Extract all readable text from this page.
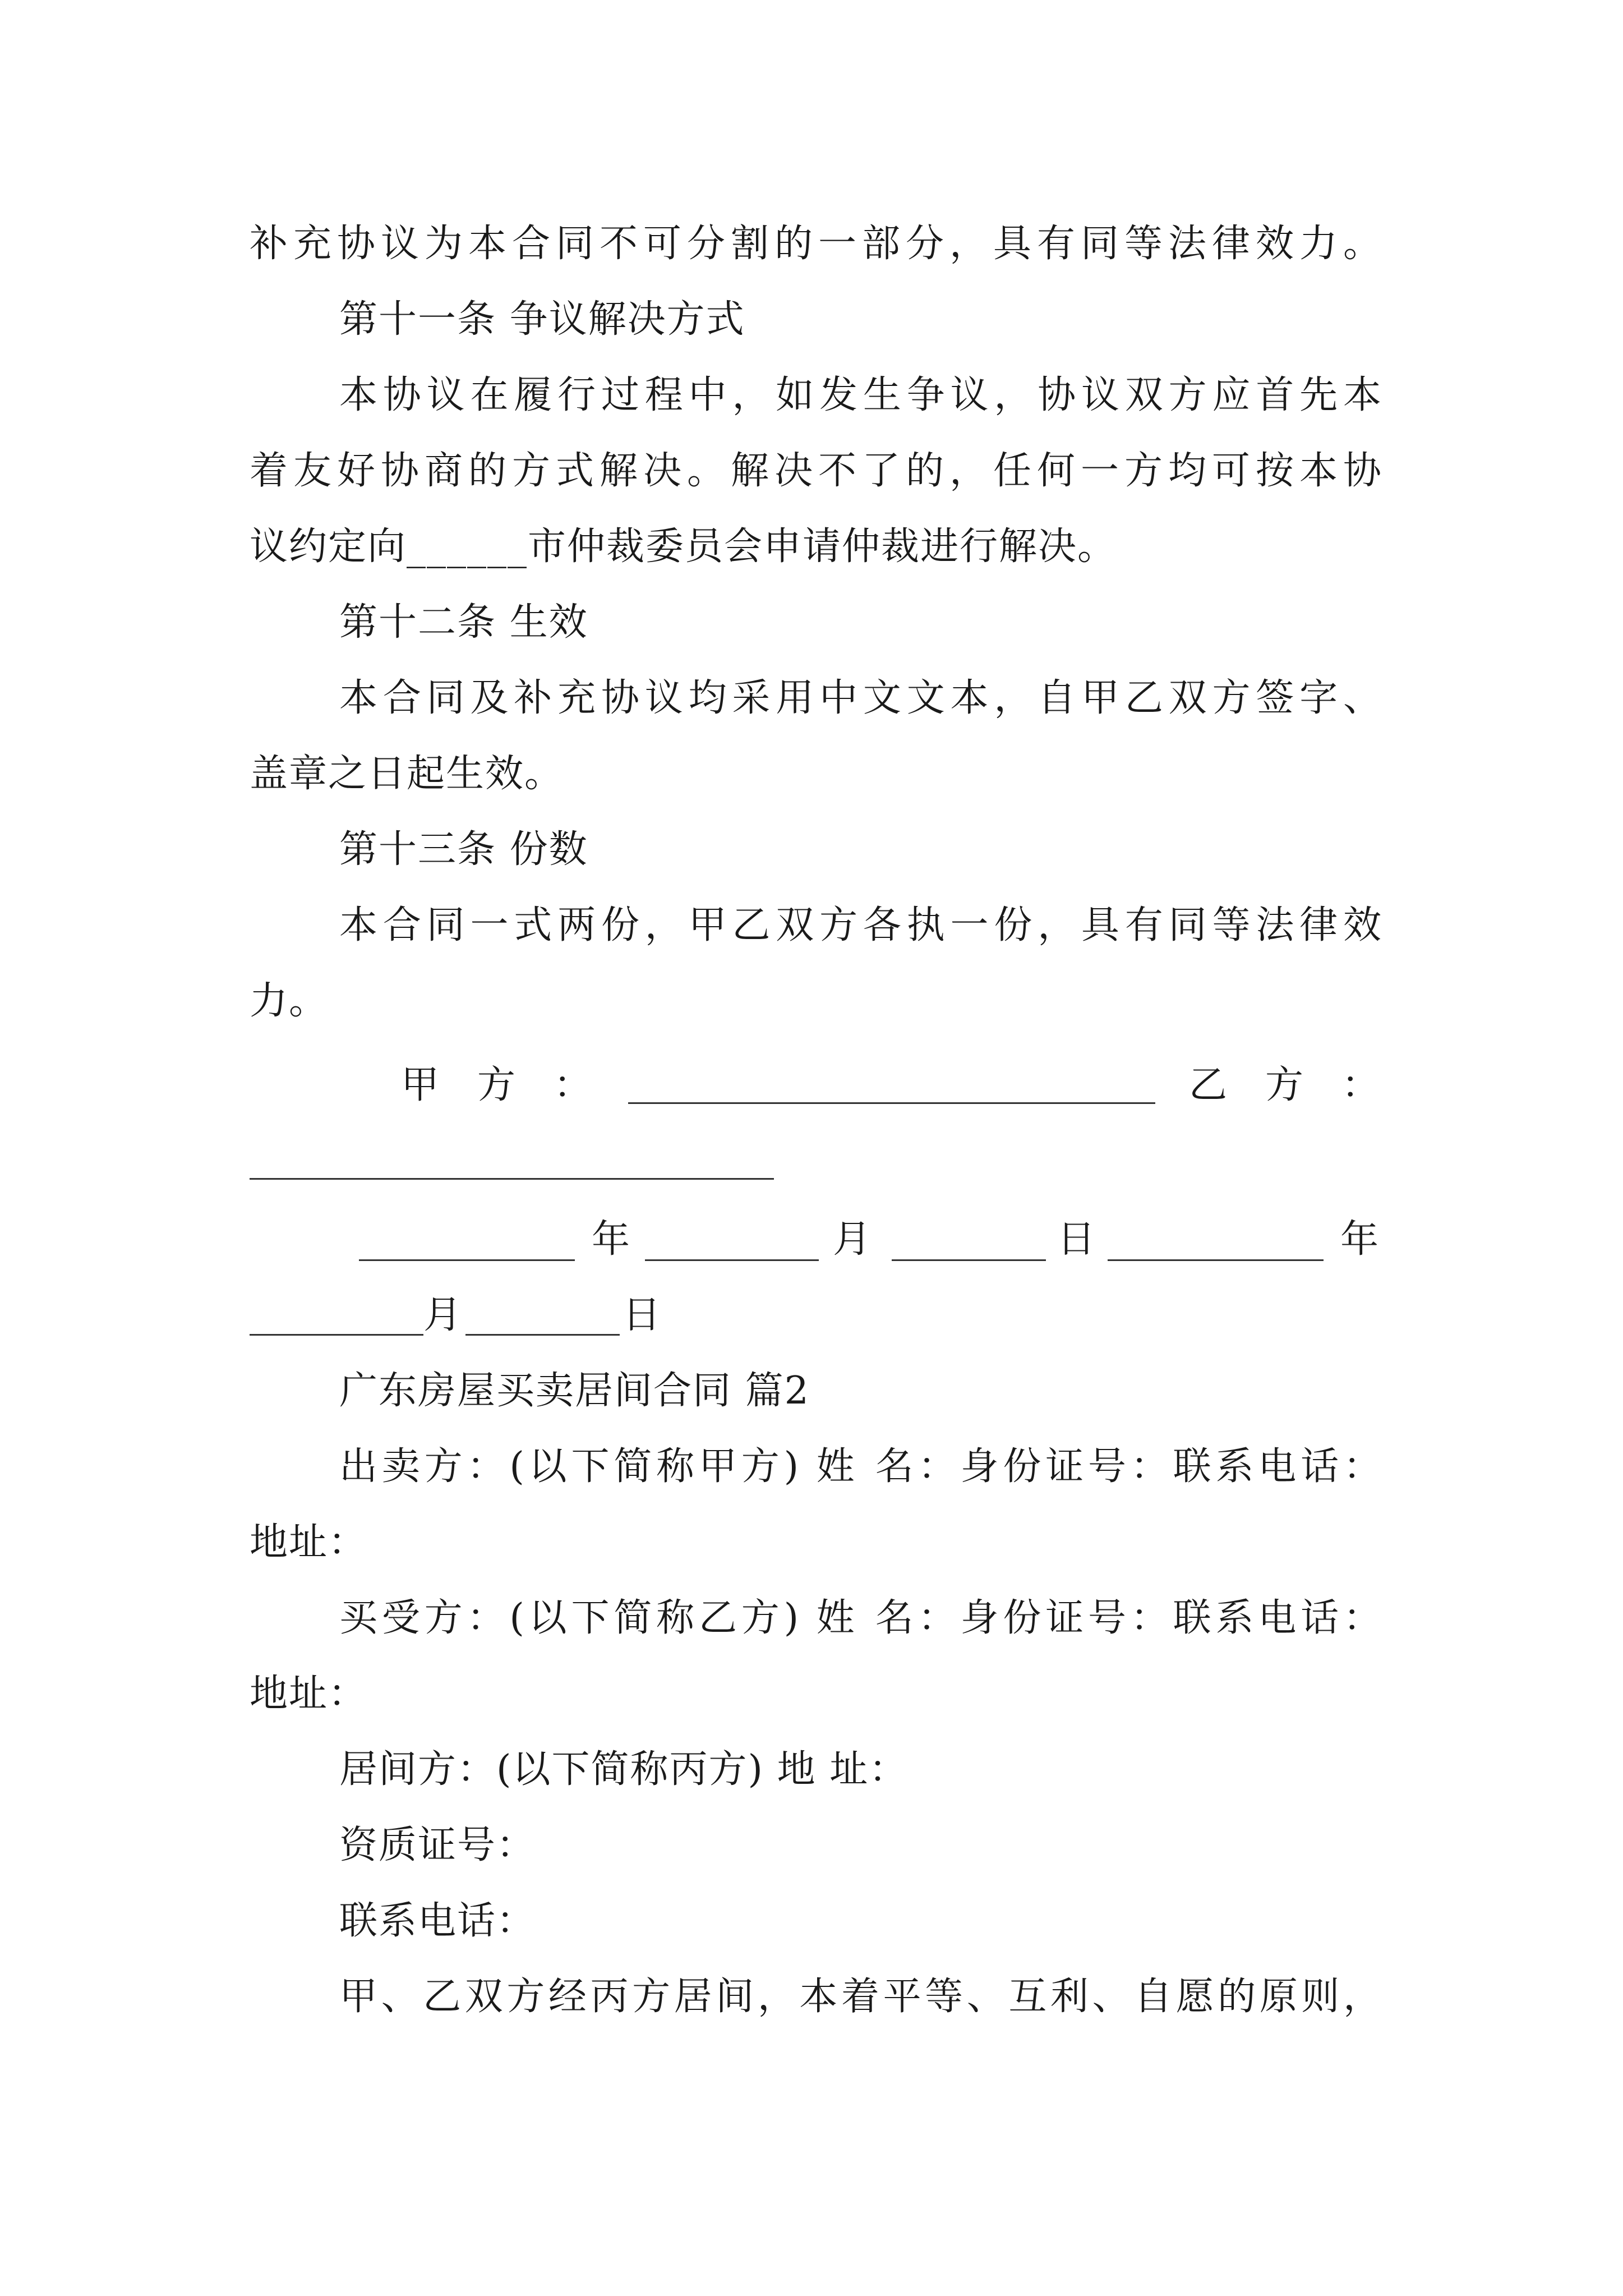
补充协议为本合同不可分割的一部分，具有同等法律效力。
第十一条 争议解决方式
本协议在履行过程中，如发生争议，协议双方应首先本
着友好协商的方式解决。解决不了的，任何一方均可按本协
议约定向______市仲裁委员会申请仲裁进行解决。
第十二条 生效
本合同及补充协议均采用中文文本，自甲乙双方签字、
盖章之日起生效。
第十三条 份数
本合同一式两份，甲乙双方各执一份，具有同等法律效
力。
甲　方　：	乙　方　：
年	月	日	年
月	日
广东房屋买卖居间合同 篇2
出卖方：(以下简称甲方) 姓 名：身份证号：联系电话：
地址：
买受方：(以下简称乙方) 姓 名：身份证号：联系电话：
地址：
居间方：(以下简称丙方) 地 址：
资质证号：
联系电话：
甲、乙双方经丙方居间，本着平等、互利、自愿的原则，
